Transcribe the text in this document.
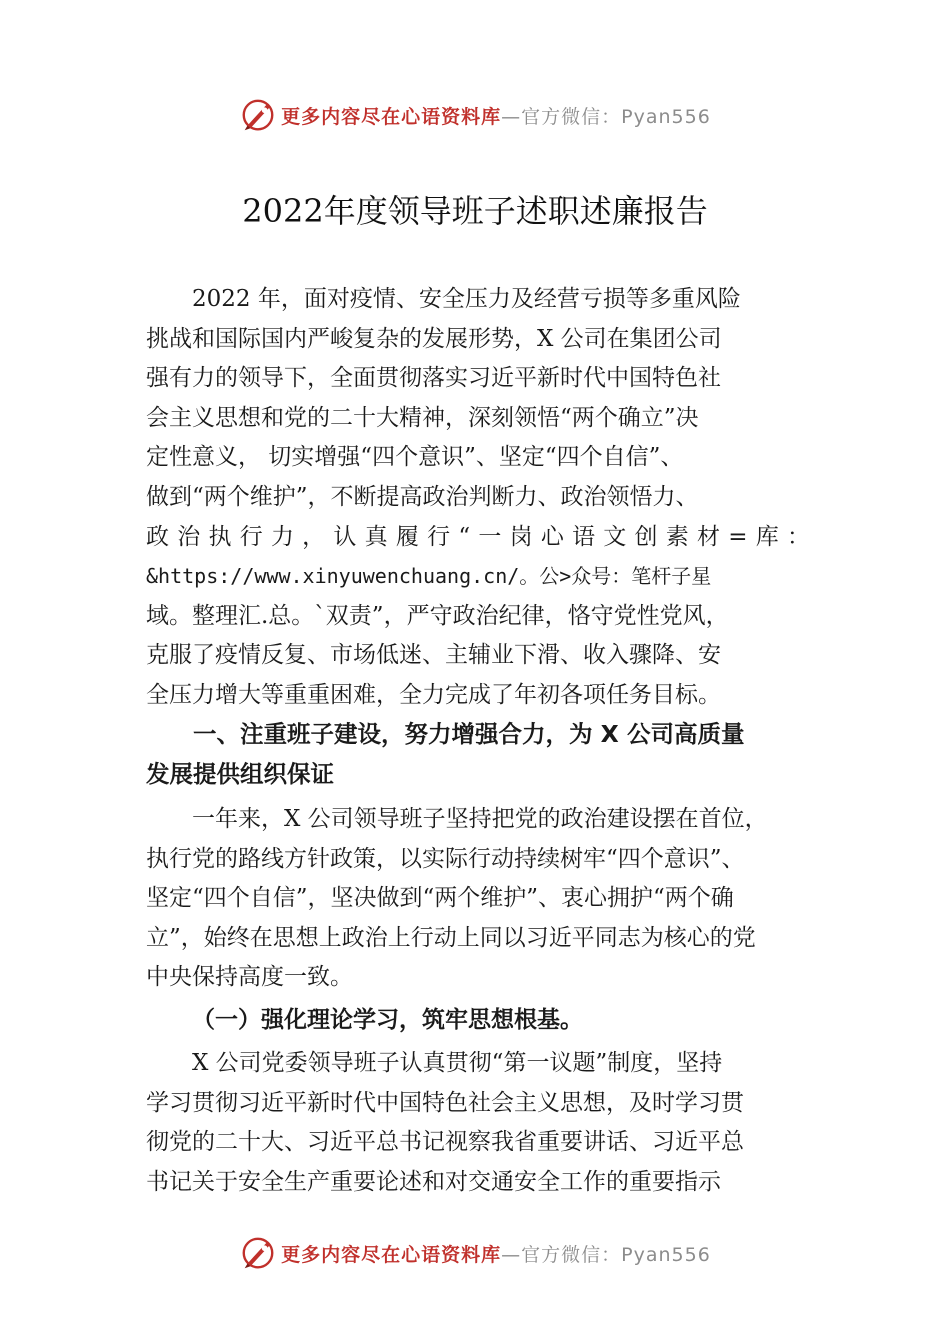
更多内容尽在心语资料库 —官方微信：Pyan556
2022年度领导班子述职述廉报告

2022 年，面对疫情、安全压力及经营亏损等多重风险

挑战和国际国内严峻复杂的发展形势，X 公司在集团公司

强有力的领导下，全面贯彻落实习近平新时代中国特色社

会主义思想和党的二十大精神，深刻领悟“两个确立”决

定性意义， 切实增强“四个意识”、坚定“四个自信”、

做到“两个维护”，不断提高政治判断力、政治领悟力、

政治执行力，认真履行“一岗心语文创素材=库：

&https://www.xinyuwenchuang.cn/。公>众号：笔杆子星

域。整理汇.总。`双责”，严守政治纪律，恪守党性党风，

克服了疫情反复、市场低迷、主辅业下滑、收入骤降、安

全压力增大等重重困难，全力完成了年初各项任务目标。

一、注重班子建设，努力增强合力，为 X 公司高质量

发展提供组织保证

一年来，X 公司领导班子坚持把党的政治建设摆在首位，

执行党的路线方针政策，以实际行动持续树牢“四个意识”、

坚定“四个自信”，坚决做到“两个维护”、衷心拥护“两个确

立”，始终在思想上政治上行动上同以习近平同志为核心的党

中央保持高度一致。

（一）强化理论学习，筑牢思想根基。

X 公司党委领导班子认真贯彻“第一议题”制度，坚持

学习贯彻习近平新时代中国特色社会主义思想，及时学习贯

彻党的二十大、习近平总书记视察我省重要讲话、习近平总

书记关于安全生产重要论述和对交通安全工作的重要指示

更多内容尽在心语资料库 —官方微信：Pyan556
